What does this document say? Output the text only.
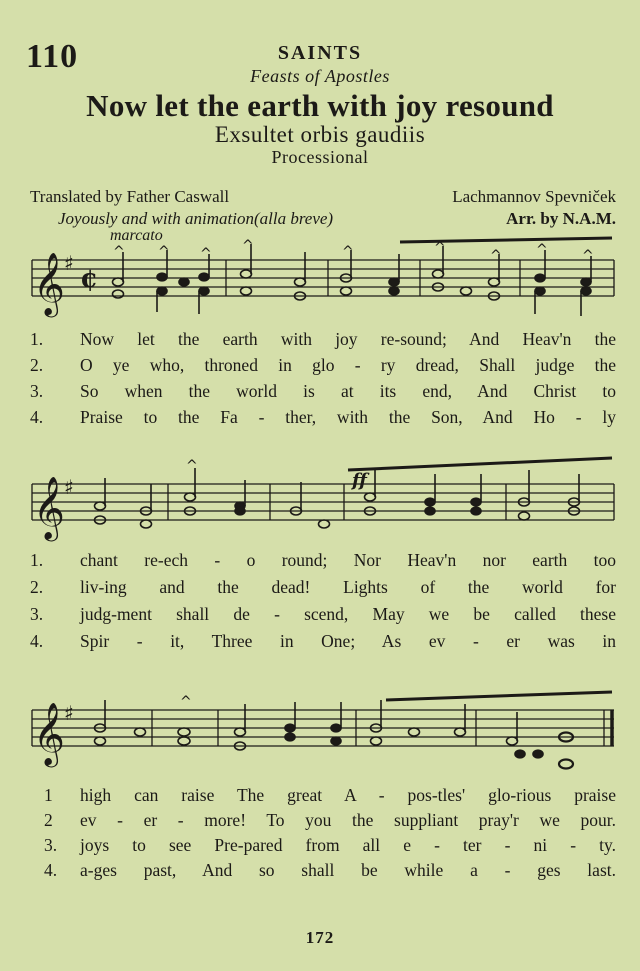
110	SAINTS
Feasts of Apostles
Now let the earth with joy resound
Exsultet orbis gaudiis
Processional
Translated by Father Caswall	Lachmannov Spevniček
Joyously and with animation(alla breve)	Arr. by N.A.M.
marcato
𝄞 ♯
¢
^ ^ ^ ^	^	^	^ ^ ^
1.	Now let the earth with joy re-sound; And Heav'n the
2.	O ye who, throned in glo - ry dread, Shall judge the
3.	So when the world is at its end, And Christ to
4.	Praise to the Fa - ther, with the Son, And Ho - ly
𝄞 ♯	ff
^
1.	chant re-ech - o round; Nor Heav'n nor earth too
2.	liv-ing and the dead! Lights of the world for
3.	judg-ment shall de - scend, May we be called these
4.	Spir - it, Three in One; As ev - er was in
𝄞 ♯	^
1	high can raise The great A - pos-tles' glo-rious praise
2	ev - er - more! To you the suppliant pray'r we pour.
3.	joys to see Pre-pared from all e - ter - ni - ty.
4.	a-ges past, And so shall be while a - ges last.
172
